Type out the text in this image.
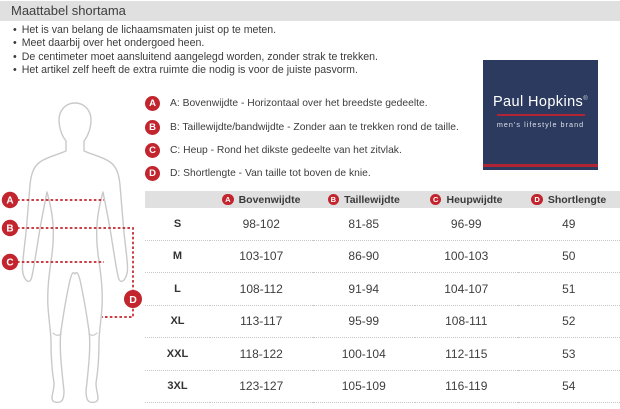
Maattabel shortama
• Het is van belang de lichaamsmaten juist op te meten.
• Meet daarbij over het ondergoed heen.
• De centimeter moet aansluitend aangelegd worden, zonder strak te trekken.
• Het artikel zelf heeft de extra ruimte die nodig is voor de juiste pasvorm.
A	A: Bovenwijdte - Horizontaal over het breedste gedeelte.
B	B: Taillewijdte/bandwijdte - Zonder aan te trekken rond de taille.
C	C: Heup - Rond het dikste gedeelte van het zitvlak.
D	D: Shortlengte - Van taille tot boven de knie.
Paul Hopkins®
men's lifestyle brand
A
B
C
D
A Bovenwijdte	B Taillewijdte	C Heupwijdte	D Shortlengte
S	98-102	81-85	96-99	49
M	103-107	86-90	100-103	50
L	108-112	91-94	104-107	51
XL	113-117	95-99	108-111	52
XXL	118-122	100-104	112-115	53
3XL	123-127	105-109	116-119	54
